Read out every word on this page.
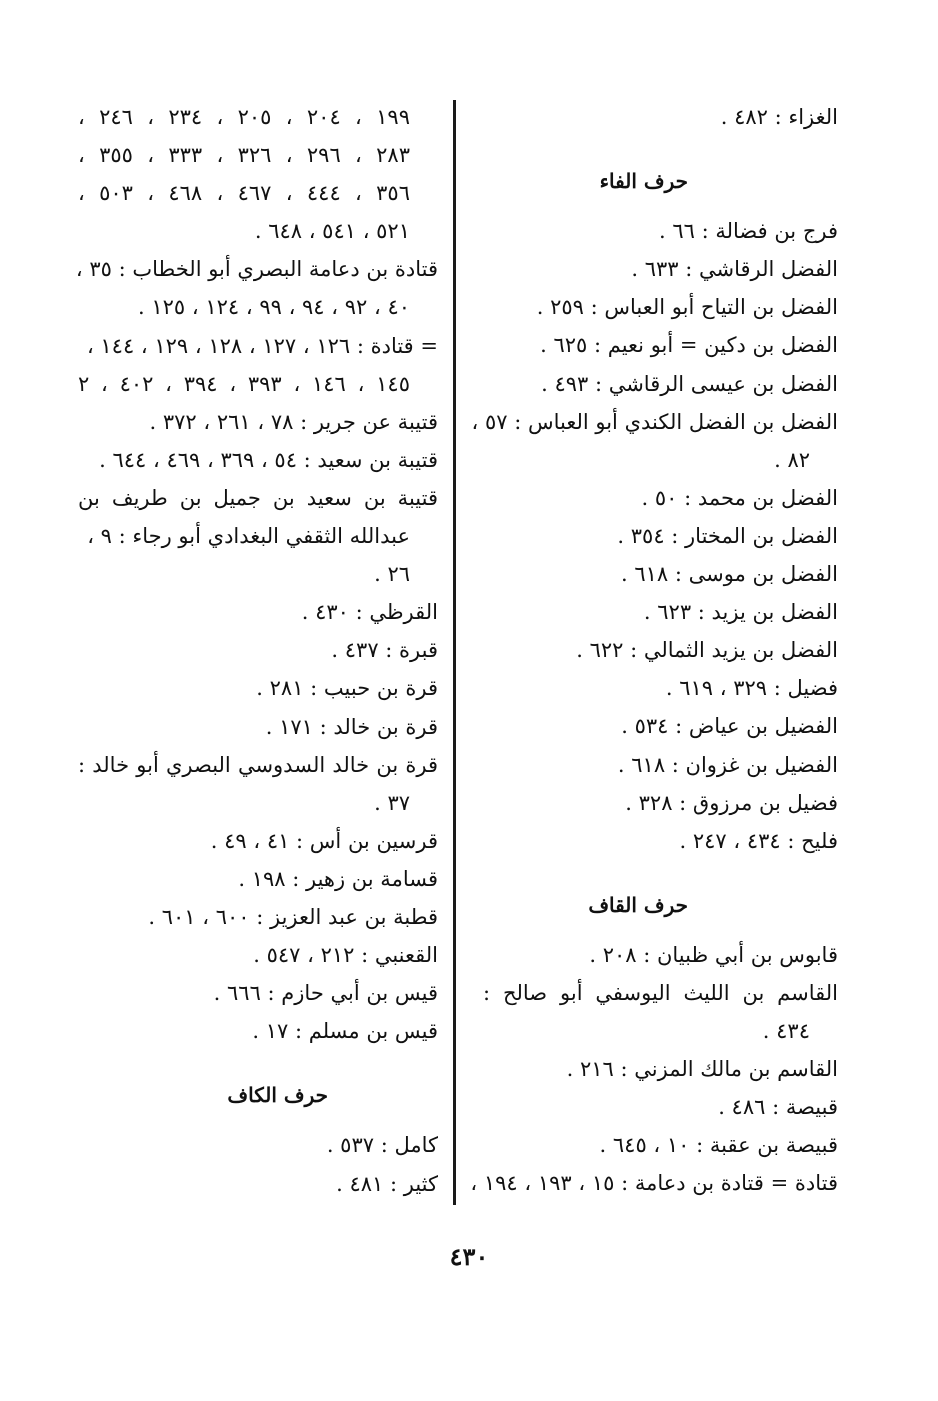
الغزاء : ٤٨٢ .
حرف الفاء
فرج بن فضالة : ٦٦ .
الفضل الرقاشي : ٦٣٣ .
الفضل بن التياح أبو العباس : ٢٥٩ .
الفضل بن دكين = أبو نعيم : ٦٢٥ .
الفضل بن عيسى الرقاشي : ٤٩٣ .
الفضل بن الفضل الكندي أبو العباس : ٥٧ ،
٨٢ .
الفضل بن محمد : ٥٠ .
الفضل بن المختار : ٣٥٤ .
الفضل بن موسى : ٦١٨ .
الفضل بن يزيد : ٦٢٣ .
الفضل بن يزيد الثمالي : ٦٢٢ .
فضيل : ٣٢٩ ، ٦١٩ .
الفضيل بن عياض : ٥٣٤ .
الفضيل بن غزوان : ٦١٨ .
فضيل بن مرزوق : ٣٢٨ .
فليح : ٤٣٤ ، ٢٤٧ .
حرف القاف
قابوس بن أبي ظبيان : ٢٠٨ .
القاسم بن الليث اليوسفي أبو صالح :
٤٣٤ .
القاسم بن مالك المزني : ٢١٦ .
قبيصة : ٤٨٦ .
قبيصة بن عقبة : ١٠ ، ٦٤٥ .
قتادة = قتادة بن دعامة : ١٥ ، ١٩٣ ، ١٩٤ ،
١٩٩ ، ٢٠٤ ، ٢٠٥ ، ٢٣٤ ، ٢٤٦ ،
٢٨٣ ، ٢٩٦ ، ٣٢٦ ، ٣٣٣ ، ٣٥٥ ،
٣٥٦ ، ٤٤٤ ، ٤٦٧ ، ٤٦٨ ، ٥٠٣ ،
٥٢١ ، ٥٤١ ، ٦٤٨ .
قتادة بن دعامة البصري أبو الخطاب : ٣٥ ،
٤٠ ، ٩٢ ، ٩٤ ، ٩٩ ، ١٢٤ ، ١٢٥ .
= قتادة : ١٢٦ ، ١٢٧ ، ١٢٨ ، ١٢٩ ، ١٤٤ ،
١٤٥ ، ١٤٦ ، ٣٩٣ ، ٣٩٤ ، ٤٠٢ ، ٢
قتيبة عن جرير : ٧٨ ، ٢٦١ ، ٣٧٢ .
قتيبة بن سعيد : ٥٤ ، ٣٦٩ ، ٤٦٩ ، ٦٤٤ .
قتيبة بن سعيد بن جميل بن طريف بن
عبدالله الثقفي البغدادي أبو رجاء : ٩ ،
٢٦ .
القرظي : ٤٣٠ .
قبرة : ٤٣٧ .
قرة بن حبيب : ٢٨١ .
قرة بن خالد : ١٧١ .
قرة بن خالد السدوسي البصري أبو خالد :
٣٧ .
قرسين بن أس : ٤١ ، ٤٩ .
قسامة بن زهير : ١٩٨ .
قطبة بن عبد العزيز : ٦٠٠ ، ٦٠١ .
القعنبي : ٢١٢ ، ٥٤٧ .
قيس بن أبي حازم : ٦٦٦ .
قيس بن مسلم : ١٧ .
حرف الكاف
كامل : ٥٣٧ .
كثير : ٤٨١ .
٤٣٠
